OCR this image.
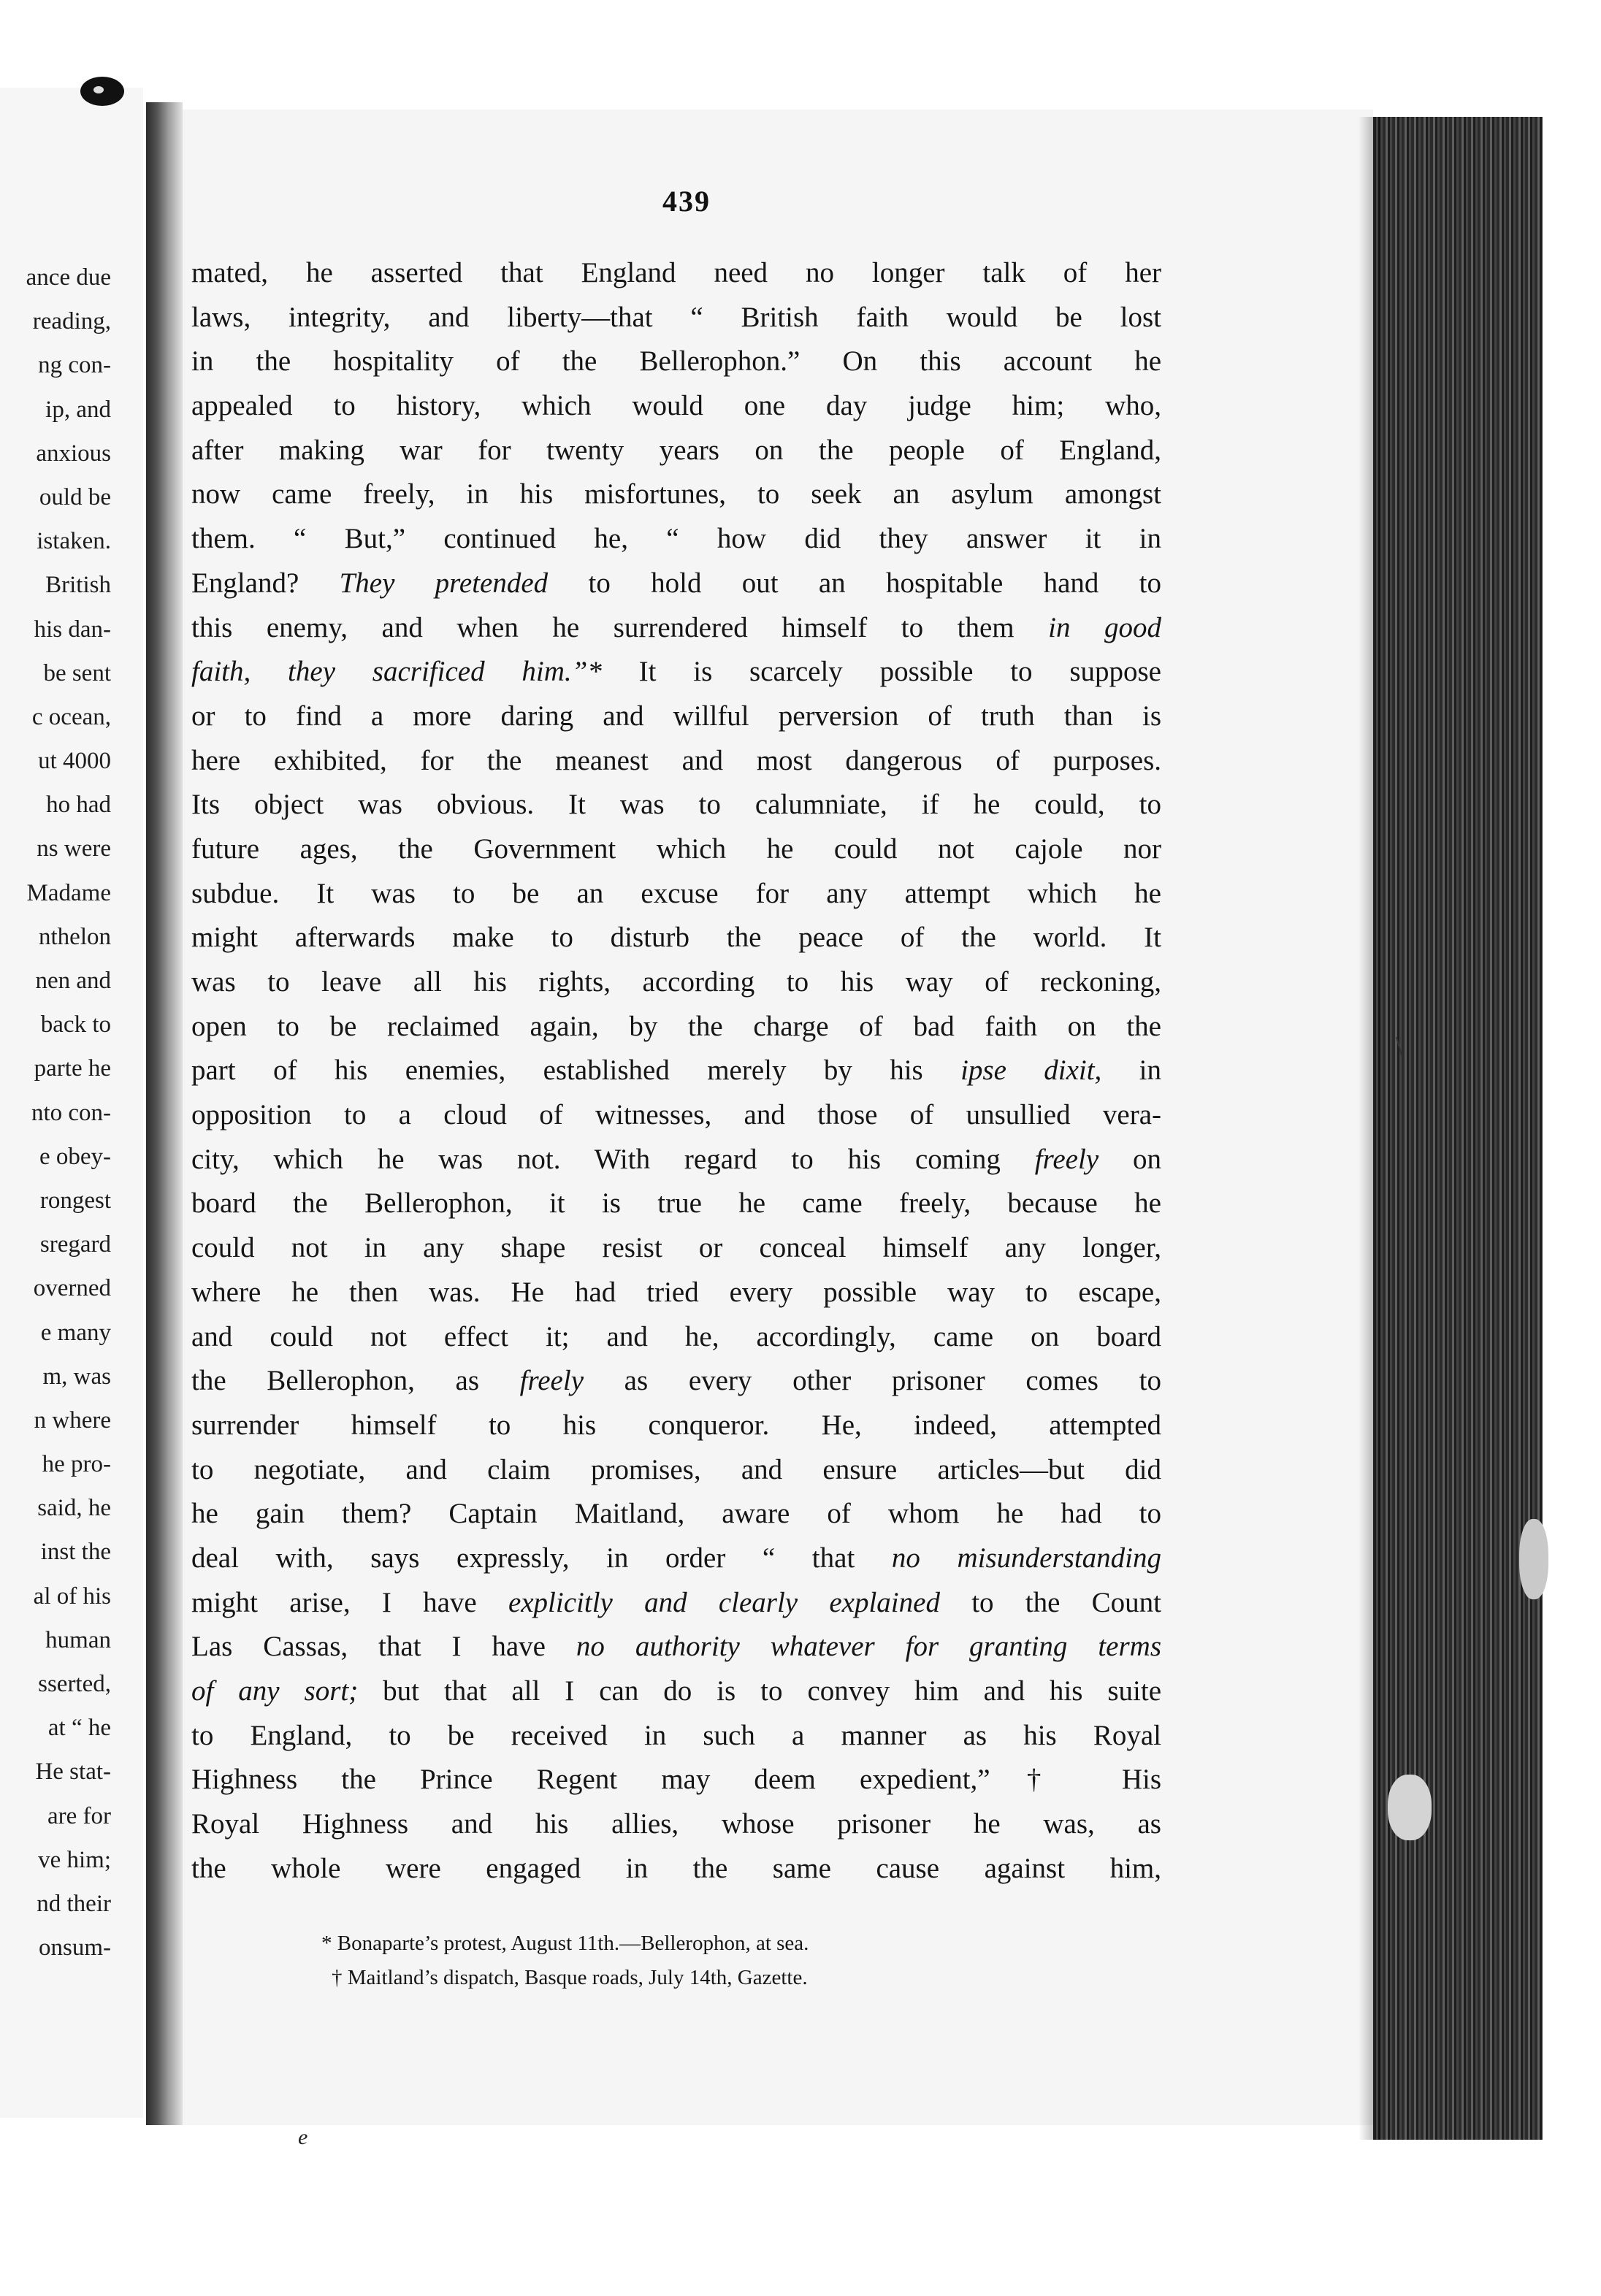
ance due
reading,
ng con-
ip, and
anxious
ould be
istaken.
British
his dan-
be sent
c ocean,
ut 4000
ho had
ns were
Madame
nthelon
nen and
back to
parte he
nto con-
e obey-
rongest
sregard
overned
e many
m, was
n where
he pro-
said, he
inst the
al of his
human
sserted,
at “ he
He stat-
are for
ve him;
nd their
onsum-
/
439
mated, he asserted that England need no longer talk of her
laws, integrity, and liberty—that “ British faith would be lost
in the hospitality of the Bellerophon.” On this account he
appealed to history, which would one day judge him; who,
after making war for twenty years on the people of England,
now came freely, in his misfortunes, to seek an asylum amongst
them. “ But,” continued he, “ how did they answer it in
England? They pretended to hold out an hospitable hand to
this enemy, and when he surrendered himself to them in good
faith, they sacrificed him.”* It is scarcely possible to suppose
or to find a more daring and willful perversion of truth than is
here exhibited, for the meanest and most dangerous of purposes.
Its object was obvious. It was to calumniate, if he could, to
future ages, the Government which he could not cajole nor
subdue. It was to be an excuse for any attempt which he
might afterwards make to disturb the peace of the world. It
was to leave all his rights, according to his way of reckoning,
open to be reclaimed again, by the charge of bad faith on the
part of his enemies, established merely by his ipse dixit, in
opposition to a cloud of witnesses, and those of unsullied vera-
city, which he was not. With regard to his coming freely on
board the Bellerophon, it is true he came freely, because he
could not in any shape resist or conceal himself any longer,
where he then was. He had tried every possible way to escape,
and could not effect it; and he, accordingly, came on board
the Bellerophon, as freely as every other prisoner comes to
surrender himself to his conqueror. He, indeed, attempted
to negotiate, and claim promises, and ensure articles—but did
he gain them? Captain Maitland, aware of whom he had to
deal with, says expressly, in order “ that no misunderstanding
might arise, I have explicitly and clearly explained to the Count
Las Cassas, that I have no authority whatever for granting terms
of any sort; but that all I can do is to convey him and his suite
to England, to be received in such a manner as his Royal
Highness the Prince Regent may deem expedient,”† His
Royal Highness and his allies, whose prisoner he was, as
the whole were engaged in the same cause against him,
* Bonaparte’s protest, August 11th.—Bellerophon, at sea.
† Maitland’s dispatch, Basque roads, July 14th, Gazette.
e
